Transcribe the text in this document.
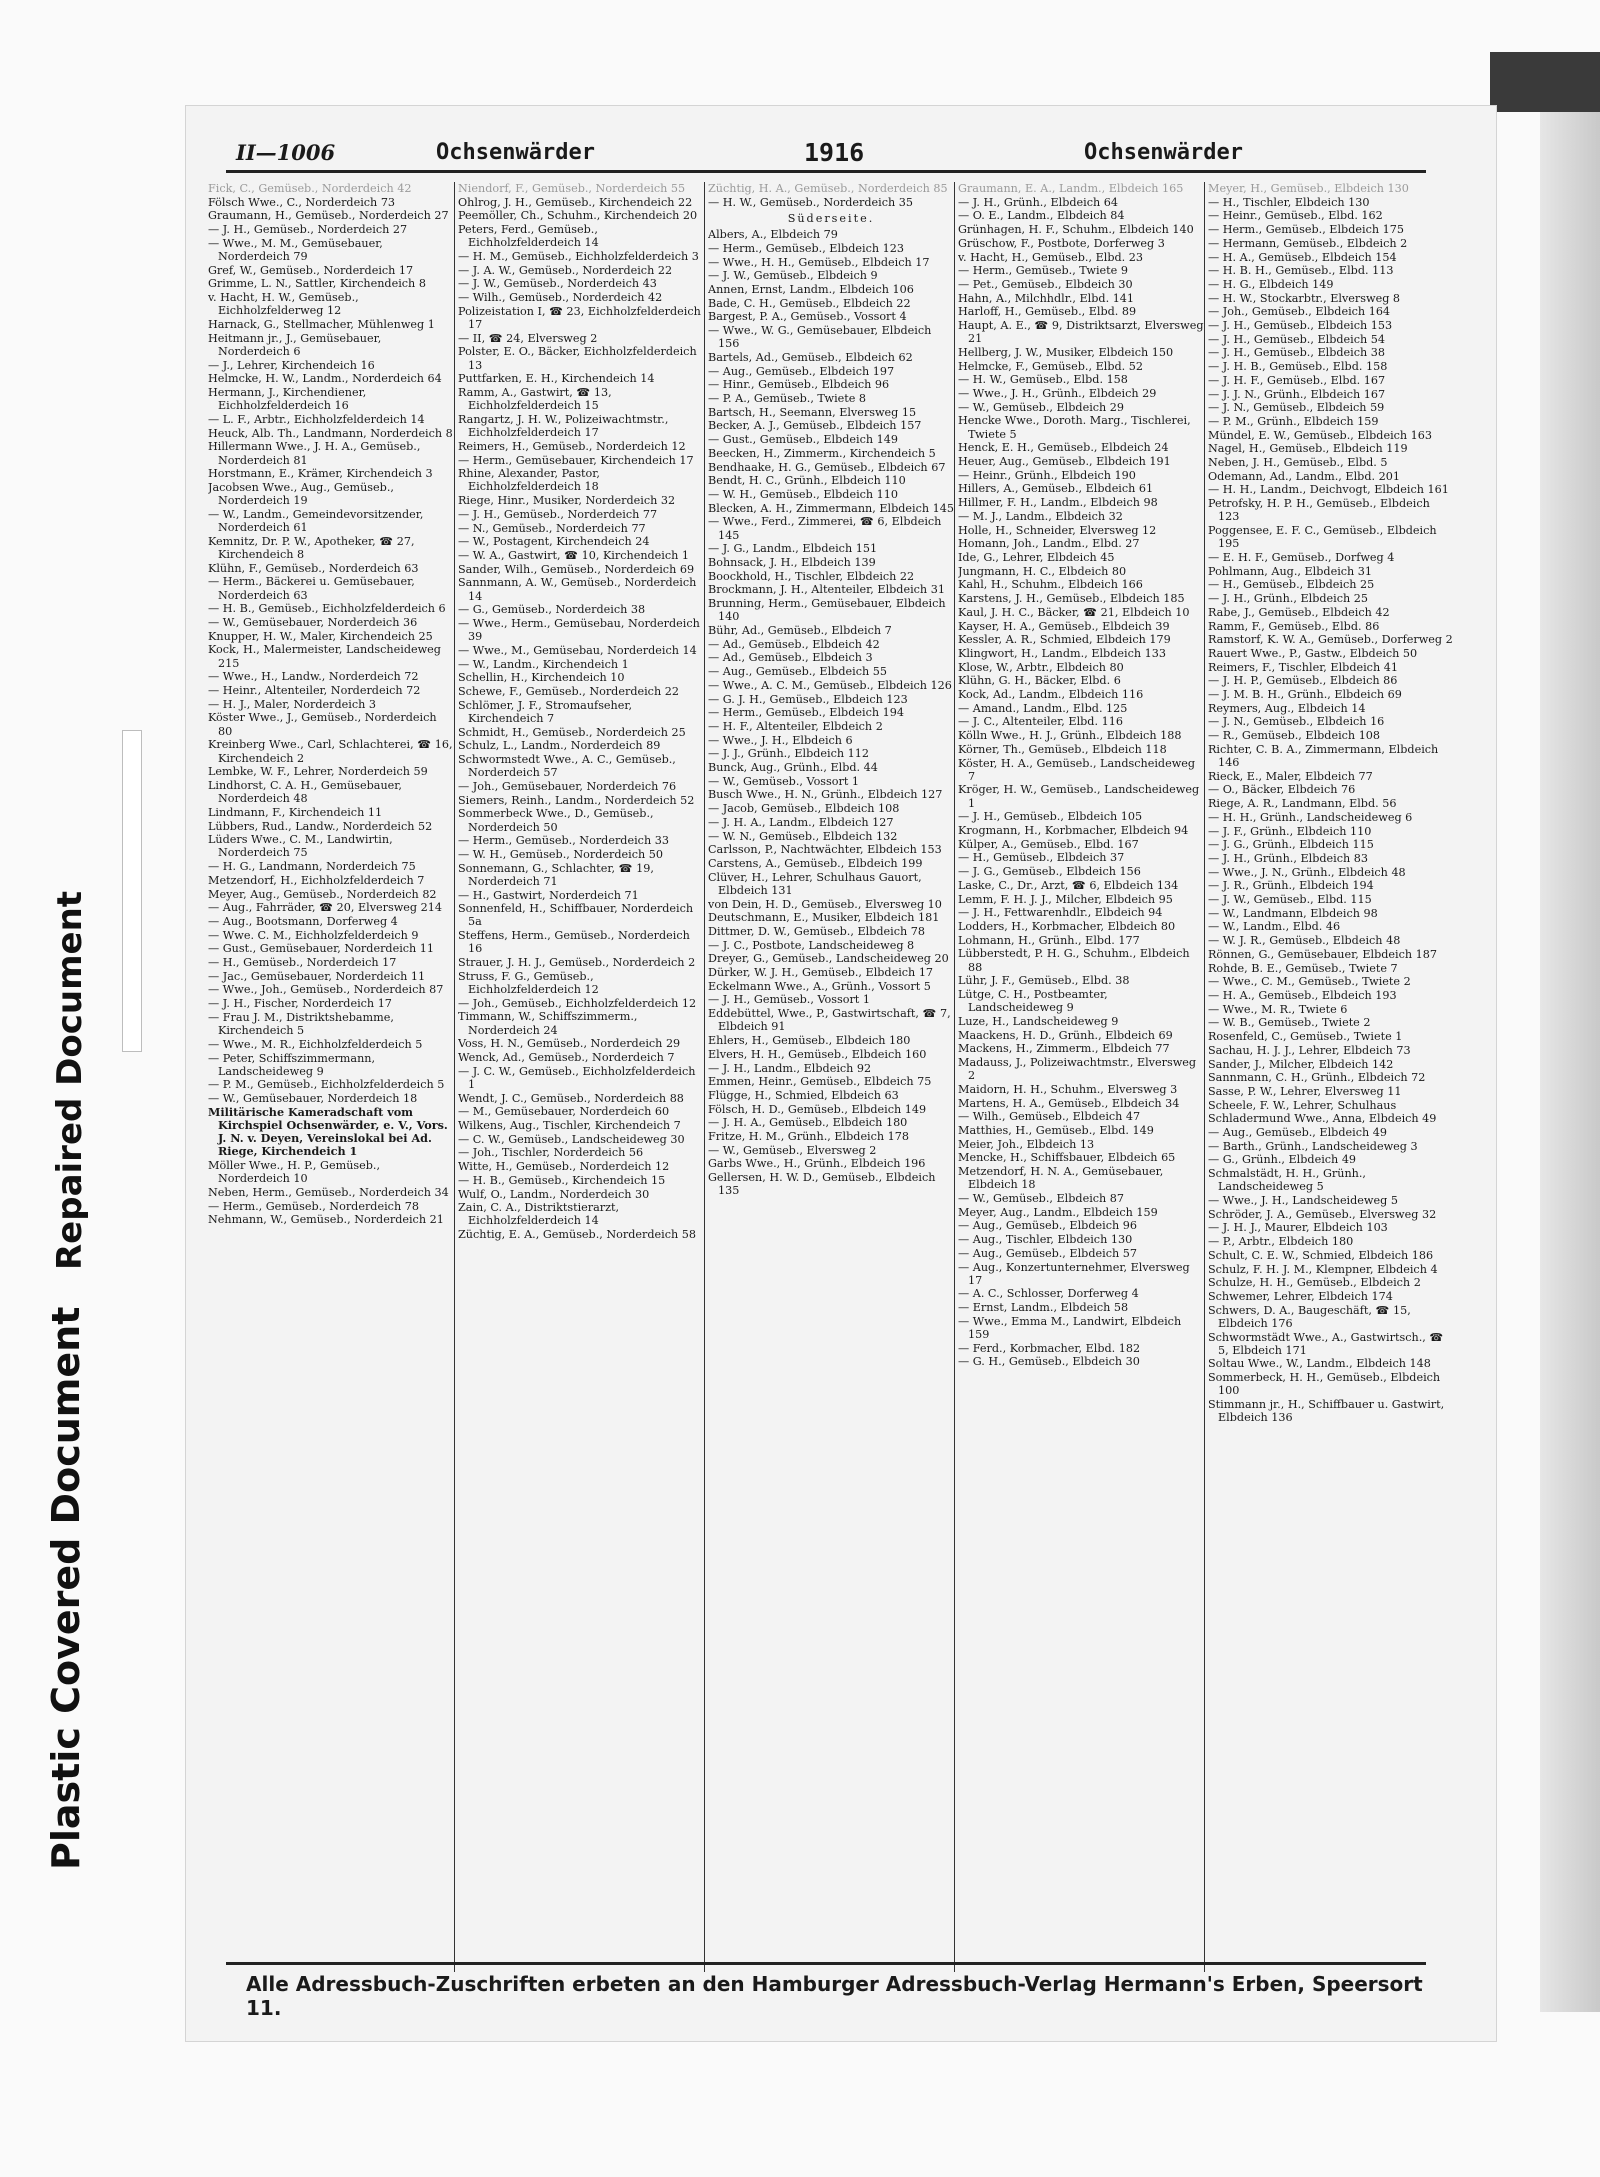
Plastic Covered Document
Repaired Document
II—1006	Ochsenwärder	1916	Ochsenwärder
Fick, C., Gemüseb., Norderdeich 42
Fölsch Wwe., C., Norderdeich 73
Graumann, H., Gemüseb., Norderdeich 27
— J. H., Gemüseb., Norderdeich 27
— Wwe., M. M., Gemüsebauer, Norderdeich 79
Gref, W., Gemüseb., Norderdeich 17
Grimme, L. N., Sattler, Kirchendeich 8
v. Hacht, H. W., Gemüseb., Eichholzfelderweg 12
Harnack, G., Stellmacher, Mühlenweg 1
Heitmann jr., J., Gemüsebauer, Norderdeich 6
— J., Lehrer, Kirchendeich 16
Helmcke, H. W., Landm., Norderdeich 64
Hermann, J., Kirchendiener, Eichholzfelderdeich 16
— L. F., Arbtr., Eichholzfelderdeich 14
Heuck, Alb. Th., Landmann, Norderdeich 8
Hillermann Wwe., J. H. A., Gemüseb., Norderdeich 81
Horstmann, E., Krämer, Kirchendeich 3
Jacobsen Wwe., Aug., Gemüseb., Norderdeich 19
— W., Landm., Gemeindevorsitzender, Norderdeich 61
Kemnitz, Dr. P. W., Apotheker, ☎ 27, Kirchendeich 8
Klühn, F., Gemüseb., Norderdeich 63
— Herm., Bäckerei u. Gemüsebauer, Norderdeich 63
— H. B., Gemüseb., Eichholzfelderdeich 6
— W., Gemüsebauer, Norderdeich 36
Knupper, H. W., Maler, Kirchendeich 25
Kock, H., Malermeister, Landscheideweg 215
— Wwe., H., Landw., Norderdeich 72
— Heinr., Altenteiler, Norderdeich 72
— H. J., Maler, Norderdeich 3
Köster Wwe., J., Gemüseb., Norderdeich 80
Kreinberg Wwe., Carl, Schlachterei, ☎ 16, Kirchendeich 2
Lembke, W. F., Lehrer, Norderdeich 59
Lindhorst, C. A. H., Gemüsebauer, Norderdeich 48
Lindmann, F., Kirchendeich 11
Lübbers, Rud., Landw., Norderdeich 52
Lüders Wwe., C. M., Landwirtin, Norderdeich 75
— H. G., Landmann, Norderdeich 75
Metzendorf, H., Eichholzfelderdeich 7
Meyer, Aug., Gemüseb., Norderdeich 82
— Aug., Fahrräder, ☎ 20, Elversweg 214
— Aug., Bootsmann, Dorferweg 4
— Wwe. C. M., Eichholzfelderdeich 9
— Gust., Gemüsebauer, Norderdeich 11
— H., Gemüseb., Norderdeich 17
— Jac., Gemüsebauer, Norderdeich 11
— Wwe., Joh., Gemüseb., Norderdeich 87
— J. H., Fischer, Norderdeich 17
— Frau J. M., Distriktshebamme, Kirchendeich 5
— Wwe., M. R., Eichholzfelderdeich 5
— Peter, Schiffszimmermann, Landscheideweg 9
— P. M., Gemüseb., Eichholzfelderdeich 5
— W., Gemüsebauer, Norderdeich 18
Militärische Kameradschaft vom Kirchspiel Ochsenwärder, e. V., Vors. J. N. v. Deyen, Vereinslokal bei Ad. Riege, Kirchendeich 1
Möller Wwe., H. P., Gemüseb., Norderdeich 10
Neben, Herm., Gemüseb., Norderdeich 34
— Herm., Gemüseb., Norderdeich 78
Nehmann, W., Gemüseb., Norderdeich 21
Niendorf, F., Gemüseb., Norderdeich 55
Ohlrog, J. H., Gemüseb., Kirchendeich 22
Peemöller, Ch., Schuhm., Kirchendeich 20
Peters, Ferd., Gemüseb., Eichholzfelderdeich 14
— H. M., Gemüseb., Eichholzfelderdeich 3
— J. A. W., Gemüseb., Norderdeich 22
— J. W., Gemüseb., Norderdeich 43
— Wilh., Gemüseb., Norderdeich 42
Polizeistation I, ☎ 23, Eichholzfelderdeich 17
— II, ☎ 24, Elversweg 2
Polster, E. O., Bäcker, Eichholzfelderdeich 13
Puttfarken, E. H., Kirchendeich 14
Ramm, A., Gastwirt, ☎ 13, Eichholzfelderdeich 15
Rangartz, J. H. W., Polizeiwachtmstr., Eichholzfelderdeich 17
Reimers, H., Gemüseb., Norderdeich 12
— Herm., Gemüsebauer, Kirchendeich 17
Rhine, Alexander, Pastor, Eichholzfelderdeich 18
Riege, Hinr., Musiker, Norderdeich 32
— J. H., Gemüseb., Norderdeich 77
— N., Gemüseb., Norderdeich 77
— W., Postagent, Kirchendeich 24
— W. A., Gastwirt, ☎ 10, Kirchendeich 1
Sander, Wilh., Gemüseb., Norderdeich 69
Sannmann, A. W., Gemüseb., Norderdeich 14
— G., Gemüseb., Norderdeich 38
— Wwe., Herm., Gemüsebau, Norderdeich 39
— Wwe., M., Gemüsebau, Norderdeich 14
— W., Landm., Kirchendeich 1
Schellin, H., Kirchendeich 10
Schewe, F., Gemüseb., Norderdeich 22
Schlömer, J. F., Stromaufseher, Kirchendeich 7
Schmidt, H., Gemüseb., Norderdeich 25
Schulz, L., Landm., Norderdeich 89
Schwormstedt Wwe., A. C., Gemüseb., Norderdeich 57
— Joh., Gemüsebauer, Norderdeich 76
Siemers, Reinh., Landm., Norderdeich 52
Sommerbeck Wwe., D., Gemüseb., Norderdeich 50
— Herm., Gemüseb., Norderdeich 33
— W. H., Gemüseb., Norderdeich 50
Sonnemann, G., Schlachter, ☎ 19, Norderdeich 71
— H., Gastwirt, Norderdeich 71
Sonnenfeld, H., Schiffbauer, Norderdeich 5a
Steffens, Herm., Gemüseb., Norderdeich 16
Strauer, J. H. J., Gemüseb., Norderdeich 2
Struss, F. G., Gemüseb., Eichholzfelderdeich 12
— Joh., Gemüseb., Eichholzfelderdeich 12
Timmann, W., Schiffszimmerm., Norderdeich 24
Voss, H. N., Gemüseb., Norderdeich 29
Wenck, Ad., Gemüseb., Norderdeich 7
— J. C. W., Gemüseb., Eichholzfelderdeich 1
Wendt, J. C., Gemüseb., Norderdeich 88
— M., Gemüsebauer, Norderdeich 60
Wilkens, Aug., Tischler, Kirchendeich 7
— C. W., Gemüseb., Landscheideweg 30
— Joh., Tischler, Norderdeich 56
Witte, H., Gemüseb., Norderdeich 12
— H. B., Gemüseb., Kirchendeich 15
Wulf, O., Landm., Norderdeich 30
Zain, C. A., Distriktstierarzt, Eichholzfelderdeich 14
Züchtig, E. A., Gemüseb., Norderdeich 58
Züchtig, H. A., Gemüseb., Norderdeich 85
— H. W., Gemüseb., Norderdeich 35
Süderseite.
Albers, A., Elbdeich 79
— Herm., Gemüseb., Elbdeich 123
— Wwe., H. H., Gemüseb., Elbdeich 17
— J. W., Gemüseb., Elbdeich 9
Annen, Ernst, Landm., Elbdeich 106
Bade, C. H., Gemüseb., Elbdeich 22
Bargest, P. A., Gemüseb., Vossort 4
— Wwe., W. G., Gemüsebauer, Elbdeich 156
Bartels, Ad., Gemüseb., Elbdeich 62
— Aug., Gemüseb., Elbdeich 197
— Hinr., Gemüseb., Elbdeich 96
— P. A., Gemüseb., Twiete 8
Bartsch, H., Seemann, Elversweg 15
Becker, A. J., Gemüseb., Elbdeich 157
— Gust., Gemüseb., Elbdeich 149
Beecken, H., Zimmerm., Kirchendeich 5
Bendhaake, H. G., Gemüseb., Elbdeich 67
Bendt, H. C., Grünh., Elbdeich 110
— W. H., Gemüseb., Elbdeich 110
Blecken, A. H., Zimmermann, Elbdeich 145
— Wwe., Ferd., Zimmerei, ☎ 6, Elbdeich 145
— J. G., Landm., Elbdeich 151
Bohnsack, J. H., Elbdeich 139
Boockhold, H., Tischler, Elbdeich 22
Brockmann, J. H., Altenteiler, Elbdeich 31
Brunning, Herm., Gemüsebauer, Elbdeich 140
Bühr, Ad., Gemüseb., Elbdeich 7
— Ad., Gemüseb., Elbdeich 42
— Ad., Gemüseb., Elbdeich 3
— Aug., Gemüseb., Elbdeich 55
— Wwe., A. C. M., Gemüseb., Elbdeich 126
— G. J. H., Gemüseb., Elbdeich 123
— Herm., Gemüseb., Elbdeich 194
— H. F., Altenteiler, Elbdeich 2
— Wwe., J. H., Elbdeich 6
— J. J., Grünh., Elbdeich 112
Bunck, Aug., Grünh., Elbd. 44
— W., Gemüseb., Vossort 1
Busch Wwe., H. N., Grünh., Elbdeich 127
— Jacob, Gemüseb., Elbdeich 108
— J. H. A., Landm., Elbdeich 127
— W. N., Gemüseb., Elbdeich 132
Carlsson, P., Nachtwächter, Elbdeich 153
Carstens, A., Gemüseb., Elbdeich 199
Clüver, H., Lehrer, Schulhaus Gauort, Elbdeich 131
von Dein, H. D., Gemüseb., Elversweg 10
Deutschmann, E., Musiker, Elbdeich 181
Dittmer, D. W., Gemüseb., Elbdeich 78
— J. C., Postbote, Landscheideweg 8
Dreyer, G., Gemüseb., Landscheideweg 20
Dürker, W. J. H., Gemüseb., Elbdeich 17
Eckelmann Wwe., A., Grünh., Vossort 5
— J. H., Gemüseb., Vossort 1
Eddebüttel, Wwe., P., Gastwirtschaft, ☎ 7, Elbdeich 91
Ehlers, H., Gemüseb., Elbdeich 180
Elvers, H. H., Gemüseb., Elbdeich 160
— J. H., Landm., Elbdeich 92
Emmen, Heinr., Gemüseb., Elbdeich 75
Flügge, H., Schmied, Elbdeich 63
Fölsch, H. D., Gemüseb., Elbdeich 149
— J. H. A., Gemüseb., Elbdeich 180
Fritze, H. M., Grünh., Elbdeich 178
— W., Gemüseb., Elversweg 2
Garbs Wwe., H., Grünh., Elbdeich 196
Gellersen, H. W. D., Gemüseb., Elbdeich 135
Graumann, E. A., Landm., Elbdeich 165
— J. H., Grünh., Elbdeich 64
— O. E., Landm., Elbdeich 84
Grünhagen, H. F., Schuhm., Elbdeich 140
Grüschow, F., Postbote, Dorferweg 3
v. Hacht, H., Gemüseb., Elbd. 23
— Herm., Gemüseb., Twiete 9
— Pet., Gemüseb., Elbdeich 30
Hahn, A., Milchhdlr., Elbd. 141
Harloff, H., Gemüseb., Elbd. 89
Haupt, A. E., ☎ 9, Distriktsarzt, Elversweg 21
Hellberg, J. W., Musiker, Elbdeich 150
Helmcke, F., Gemüseb., Elbd. 52
— H. W., Gemüseb., Elbd. 158
— Wwe., J. H., Grünh., Elbdeich 29
— W., Gemüseb., Elbdeich 29
Hencke Wwe., Doroth. Marg., Tischlerei, Twiete 5
Henck, E. H., Gemüseb., Elbdeich 24
Heuer, Aug., Gemüseb., Elbdeich 191
— Heinr., Grünh., Elbdeich 190
Hillers, A., Gemüseb., Elbdeich 61
Hillmer, F. H., Landm., Elbdeich 98
— M. J., Landm., Elbdeich 32
Holle, H., Schneider, Elversweg 12
Homann, Joh., Landm., Elbd. 27
Ide, G., Lehrer, Elbdeich 45
Jungmann, H. C., Elbdeich 80
Kahl, H., Schuhm., Elbdeich 166
Karstens, J. H., Gemüseb., Elbdeich 185
Kaul, J. H. C., Bäcker, ☎ 21, Elbdeich 10
Kayser, H. A., Gemüseb., Elbdeich 39
Kessler, A. R., Schmied, Elbdeich 179
Klingwort, H., Landm., Elbdeich 133
Klose, W., Arbtr., Elbdeich 80
Klühn, G. H., Bäcker, Elbd. 6
Kock, Ad., Landm., Elbdeich 116
— Amand., Landm., Elbd. 125
— J. C., Altenteiler, Elbd. 116
Kölln Wwe., H. J., Grünh., Elbdeich 188
Körner, Th., Gemüseb., Elbdeich 118
Köster, H. A., Gemüseb., Landscheideweg 7
Kröger, H. W., Gemüseb., Landscheideweg 1
— J. H., Gemüseb., Elbdeich 105
Krogmann, H., Korbmacher, Elbdeich 94
Külper, A., Gemüseb., Elbd. 167
— H., Gemüseb., Elbdeich 37
— J. G., Gemüseb., Elbdeich 156
Laske, C., Dr., Arzt, ☎ 6, Elbdeich 134
Lemm, F. H. J. J., Milcher, Elbdeich 95
— J. H., Fettwarenhdlr., Elbdeich 94
Lodders, H., Korbmacher, Elbdeich 80
Lohmann, H., Grünh., Elbd. 177
Lübberstedt, P. H. G., Schuhm., Elbdeich 88
Lühr, J. F., Gemüseb., Elbd. 38
Lütge, C. H., Postbeamter, Landscheideweg 9
Luze, H., Landscheideweg 9
Maackens, H. D., Grünh., Elbdeich 69
Mackens, H., Zimmerm., Elbdeich 77
Madauss, J., Polizeiwachtmstr., Elversweg 2
Maidorn, H. H., Schuhm., Elversweg 3
Martens, H. A., Gemüseb., Elbdeich 34
— Wilh., Gemüseb., Elbdeich 47
Matthies, H., Gemüseb., Elbd. 149
Meier, Joh., Elbdeich 13
Mencke, H., Schiffsbauer, Elbdeich 65
Metzendorf, H. N. A., Gemüsebauer, Elbdeich 18
— W., Gemüseb., Elbdeich 87
Meyer, Aug., Landm., Elbdeich 159
— Aug., Gemüseb., Elbdeich 96
— Aug., Tischler, Elbdeich 130
— Aug., Gemüseb., Elbdeich 57
— Aug., Konzertunternehmer, Elversweg 17
— A. C., Schlosser, Dorferweg 4
— Ernst, Landm., Elbdeich 58
— Wwe., Emma M., Landwirt, Elbdeich 159
— Ferd., Korbmacher, Elbd. 182
— G. H., Gemüseb., Elbdeich 30
Meyer, H., Gemüseb., Elbdeich 130
— H., Tischler, Elbdeich 130
— Heinr., Gemüseb., Elbd. 162
— Herm., Gemüseb., Elbdeich 175
— Hermann, Gemüseb., Elbdeich 2
— H. A., Gemüseb., Elbdeich 154
— H. B. H., Gemüseb., Elbd. 113
— H. G., Elbdeich 149
— H. W., Stockarbtr., Elversweg 8
— Joh., Gemüseb., Elbdeich 164
— J. H., Gemüseb., Elbdeich 153
— J. H., Gemüseb., Elbdeich 54
— J. H., Gemüseb., Elbdeich 38
— J. H. B., Gemüseb., Elbd. 158
— J. H. F., Gemüseb., Elbd. 167
— J. J. N., Grünh., Elbdeich 167
— J. N., Gemüseb., Elbdeich 59
— P. M., Grünh., Elbdeich 159
Mündel, E. W., Gemüseb., Elbdeich 163
Nagel, H., Gemüseb., Elbdeich 119
Neben, J. H., Gemüseb., Elbd. 5
Odemann, Ad., Landm., Elbd. 201
— H. H., Landm., Deichvogt, Elbdeich 161
Petrofsky, H. P. H., Gemüseb., Elbdeich 123
Poggensee, E. F. C., Gemüseb., Elbdeich 195
— E. H. F., Gemüseb., Dorfweg 4
Pohlmann, Aug., Elbdeich 31
— H., Gemüseb., Elbdeich 25
— J. H., Grünh., Elbdeich 25
Rabe, J., Gemüseb., Elbdeich 42
Ramm, F., Gemüseb., Elbd. 86
Ramstorf, K. W. A., Gemüseb., Dorferweg 2
Rauert Wwe., P., Gastw., Elbdeich 50
Reimers, F., Tischler, Elbdeich 41
— J. H. P., Gemüseb., Elbdeich 86
— J. M. B. H., Grünh., Elbdeich 69
Reymers, Aug., Elbdeich 14
— J. N., Gemüseb., Elbdeich 16
— R., Gemüseb., Elbdeich 108
Richter, C. B. A., Zimmermann, Elbdeich 146
Rieck, E., Maler, Elbdeich 77
— O., Bäcker, Elbdeich 76
Riege, A. R., Landmann, Elbd. 56
— H. H., Grünh., Landscheideweg 6
— J. F., Grünh., Elbdeich 110
— J. G., Grünh., Elbdeich 115
— J. H., Grünh., Elbdeich 83
— Wwe., J. N., Grünh., Elbdeich 48
— J. R., Grünh., Elbdeich 194
— J. W., Gemüseb., Elbd. 115
— W., Landmann, Elbdeich 98
— W., Landm., Elbd. 46
— W. J. R., Gemüseb., Elbdeich 48
Rönnen, G., Gemüsebauer, Elbdeich 187
Rohde, B. E., Gemüseb., Twiete 7
— Wwe., C. M., Gemüseb., Twiete 2
— H. A., Gemüseb., Elbdeich 193
— Wwe., M. R., Twiete 6
— W. B., Gemüseb., Twiete 2
Rosenfeld, C., Gemüseb., Twiete 1
Sachau, H. J. J., Lehrer, Elbdeich 73
Sander, J., Milcher, Elbdeich 142
Sannmann, C. H., Grünh., Elbdeich 72
Sasse, P. W., Lehrer, Elversweg 11
Scheele, F. W., Lehrer, Schulhaus
Schladermund Wwe., Anna, Elbdeich 49
— Aug., Gemüseb., Elbdeich 49
— Barth., Grünh., Landscheideweg 3
— G., Grünh., Elbdeich 49
Schmalstädt, H. H., Grünh., Landscheideweg 5
— Wwe., J. H., Landscheideweg 5
Schröder, J. A., Gemüseb., Elversweg 32
— J. H. J., Maurer, Elbdeich 103
— P., Arbtr., Elbdeich 180
Schult, C. E. W., Schmied, Elbdeich 186
Schulz, F. H. J. M., Klempner, Elbdeich 4
Schulze, H. H., Gemüseb., Elbdeich 2
Schwemer, Lehrer, Elbdeich 174
Schwers, D. A., Baugeschäft, ☎ 15, Elbdeich 176
Schwormstädt Wwe., A., Gastwirtsch., ☎ 5, Elbdeich 171
Soltau Wwe., W., Landm., Elbdeich 148
Sommerbeck, H. H., Gemüseb., Elbdeich 100
Stimmann jr., H., Schiffbauer u. Gastwirt, Elbdeich 136
Alle Adressbuch-Zuschriften erbeten an den Hamburger Adressbuch-Verlag Hermann's Erben, Speersort 11.
